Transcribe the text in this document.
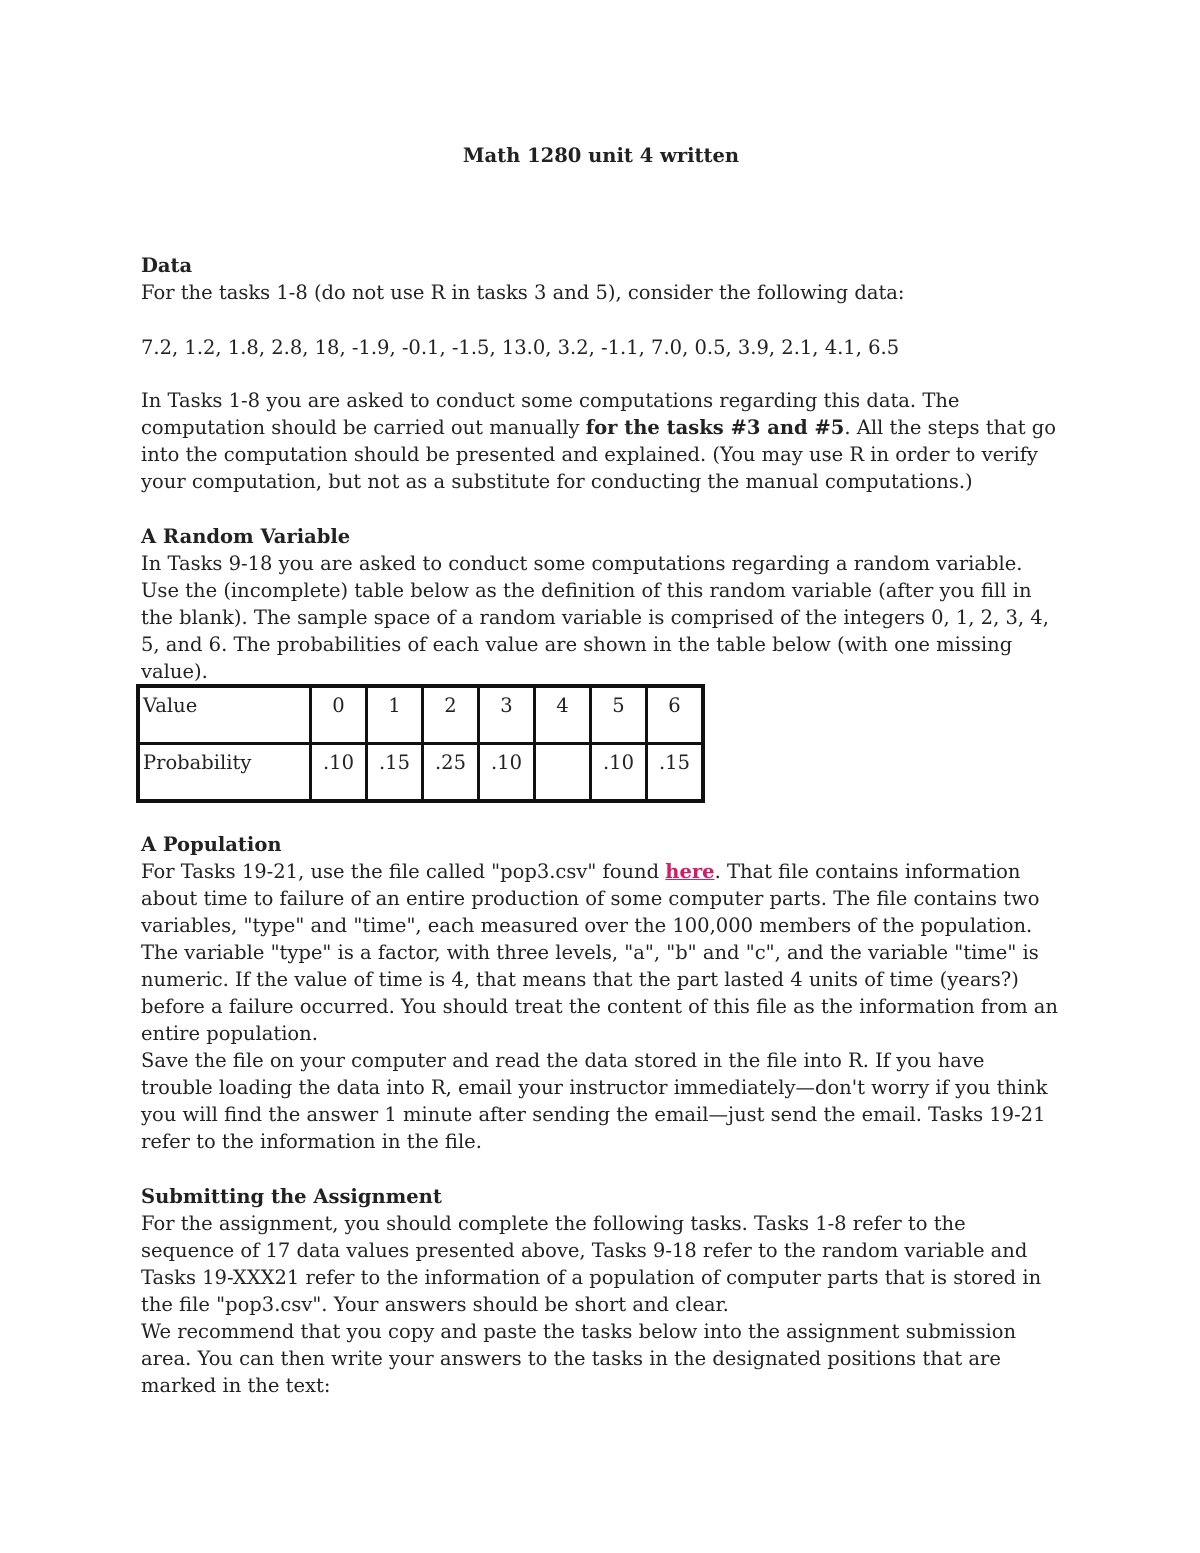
Math 1280 unit 4 written
Data

For the tasks 1-8 (do not use R in tasks 3 and 5), consider the following data:

7.2, 1.2, 1.8, 2.8, 18, -1.9, -0.1, -1.5, 13.0, 3.2, -1.1, 7.0, 0.5, 3.9, 2.1, 4.1, 6.5

In Tasks 1-8 you are asked to conduct some computations regarding this data. The computation should be carried out manually for the tasks #3 and #5. All the steps that go into the computation should be presented and explained. (You may use R in order to verify your computation, but not as a substitute for conducting the manual computations.)

A Random Variable

In Tasks 9-18 you are asked to conduct some computations regarding a random variable. Use the (incomplete) table below as the definition of this random variable (after you fill in the blank). The sample space of a random variable is comprised of the integers 0, 1, 2, 3, 4, 5, and 6. The probabilities of each value are shown in the table below (with one missing value).

Value	0	1	2	3	4	5	6
Probability	.10	.15	.25	.10		.10	.15
A Population

For Tasks 19-21, use the file called "pop3.csv" found here. That file contains information about time to failure of an entire production of some computer parts. The file contains two variables, "type" and "time", each measured over the 100,000 members of the population. The variable "type" is a factor, with three levels, "a", "b" and "c", and the variable "time" is numeric. If the value of time is 4, that means that the part lasted 4 units of time (years?) before a failure occurred. You should treat the content of this file as the information from an entire population.

Save the file on your computer and read the data stored in the file into R. If you have trouble loading the data into R, email your instructor immediately—don't worry if you think you will find the answer 1 minute after sending the email—just send the email. Tasks 19-21 refer to the information in the file.

Submitting the Assignment

For the assignment, you should complete the following tasks. Tasks 1-8 refer to the sequence of 17 data values presented above, Tasks 9-18 refer to the random variable and Tasks 19-XXX21 refer to the information of a population of computer parts that is stored in the file "pop3.csv". Your answers should be short and clear.

We recommend that you copy and paste the tasks below into the assignment submission area. You can then write your answers to the tasks in the designated positions that are marked in the text:
